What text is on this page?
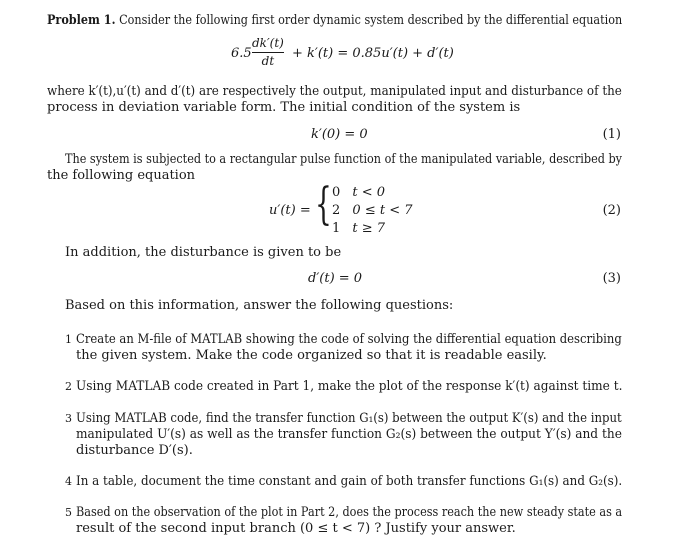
Problem 1. Consider the following first order dynamic system described by the differential equation
6.5
dk′(t)
dt + k′(t) = 0.85u′(t) + d′(t)
where k′(t),u′(t) and d′(t) are respectively the output, manipulated input and disturbance of the
process in deviation variable form. The initial condition of the system is
k′(0) = 0	(1)
The system is subjected to a rectangular pulse function of the manipulated variable, described by
the following equation
u′(t) = { 0 t < 0
2 0 ≤ t < 7
1 t ≥ 7
(2)
In addition, the disturbance is given to be
d′(t) = 0	(3)
Based on this information, answer the following questions:
1 Create an M-file of MATLAB showing the code of solving the differential equation describing
the given system. Make the code organized so that it is readable easily.
2 Using MATLAB code created in Part 1, make the plot of the response k′(t) against time t.
3 Using MATLAB code, find the transfer function G₁(s) between the output K′(s) and the input
manipulated U′(s) as well as the transfer function G₂(s) between the output Y′(s) and the
disturbance D′(s).
4 In a table, document the time constant and gain of both transfer functions G₁(s) and G₂(s).
5 Based on the observation of the plot in Part 2, does the process reach the new steady state as a
result of the second input branch (0 ≤ t < 7) ? Justify your answer.
